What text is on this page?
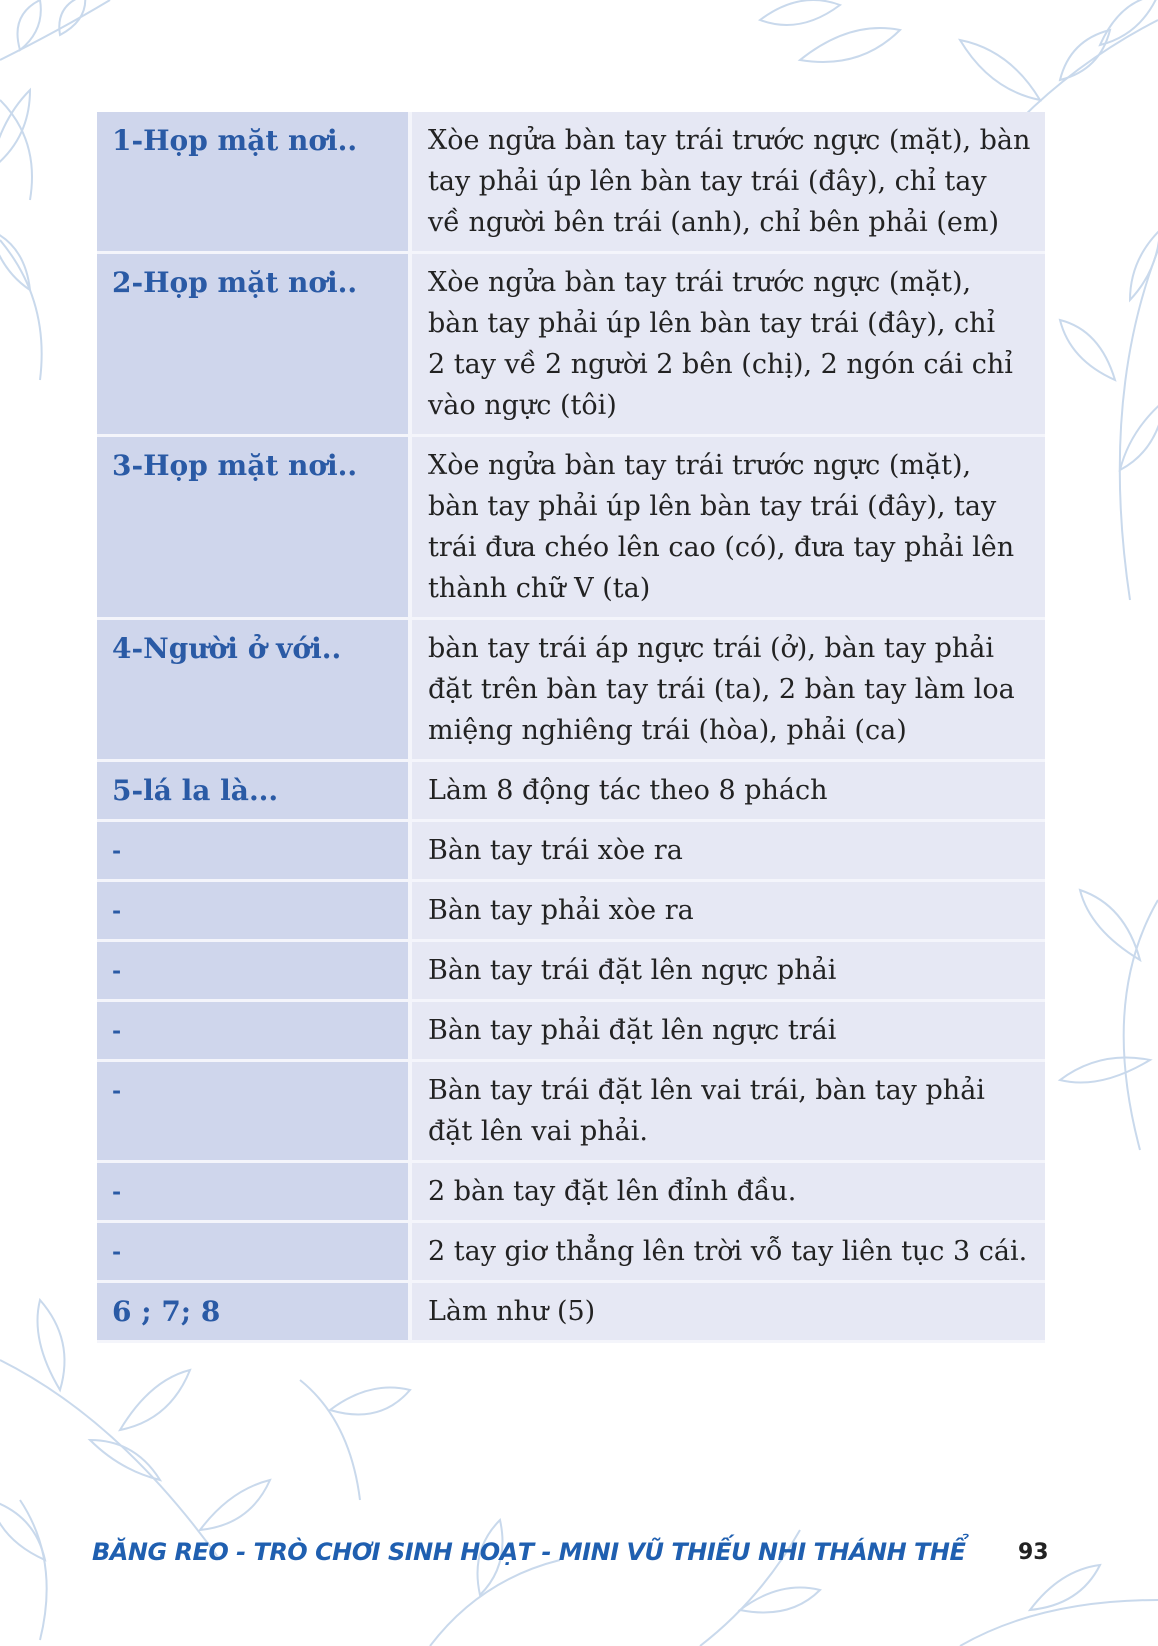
1-Họp mặt nơi..	Xòe ngửa bàn tay trái trước ngực (mặt), bàn
tay phải úp lên bàn tay trái (đây), chỉ tay
về người bên trái (anh), chỉ bên phải (em)

2-Họp mặt nơi..	Xòe ngửa bàn tay trái trước ngực (mặt),
bàn tay phải úp lên bàn tay trái (đây), chỉ
2 tay về 2 người 2 bên (chị), 2 ngón cái chỉ
vào ngực (tôi)

3-Họp mặt nơi..	Xòe ngửa bàn tay trái trước ngực (mặt),
bàn tay phải úp lên bàn tay trái (đây), tay
trái đưa chéo lên cao (có), đưa tay phải lên
thành chữ V (ta)

4-Người ở với..	bàn tay trái áp ngực trái (ở), bàn tay phải
đặt trên bàn tay trái (ta), 2 bàn tay làm loa
miệng nghiêng trái (hòa), phải (ca)

5-lá la là...	Làm 8 động tác theo 8 phách

-	Bàn tay trái xòe ra

-	Bàn tay phải xòe ra

-	Bàn tay trái đặt lên ngực phải

-	Bàn tay phải đặt lên ngực trái

-	Bàn tay trái đặt lên vai trái, bàn tay phải
đặt lên vai phải.

-	2 bàn tay đặt lên đỉnh đầu.

-	2 tay giơ thẳng lên trời vỗ tay liên tục 3 cái.

6 ; 7; 8	Làm như (5)
BĂNG REO - TRÒ CHƠI SINH HOẠT - MINI VŨ THIẾU NHI THÁNH THỂ 93
